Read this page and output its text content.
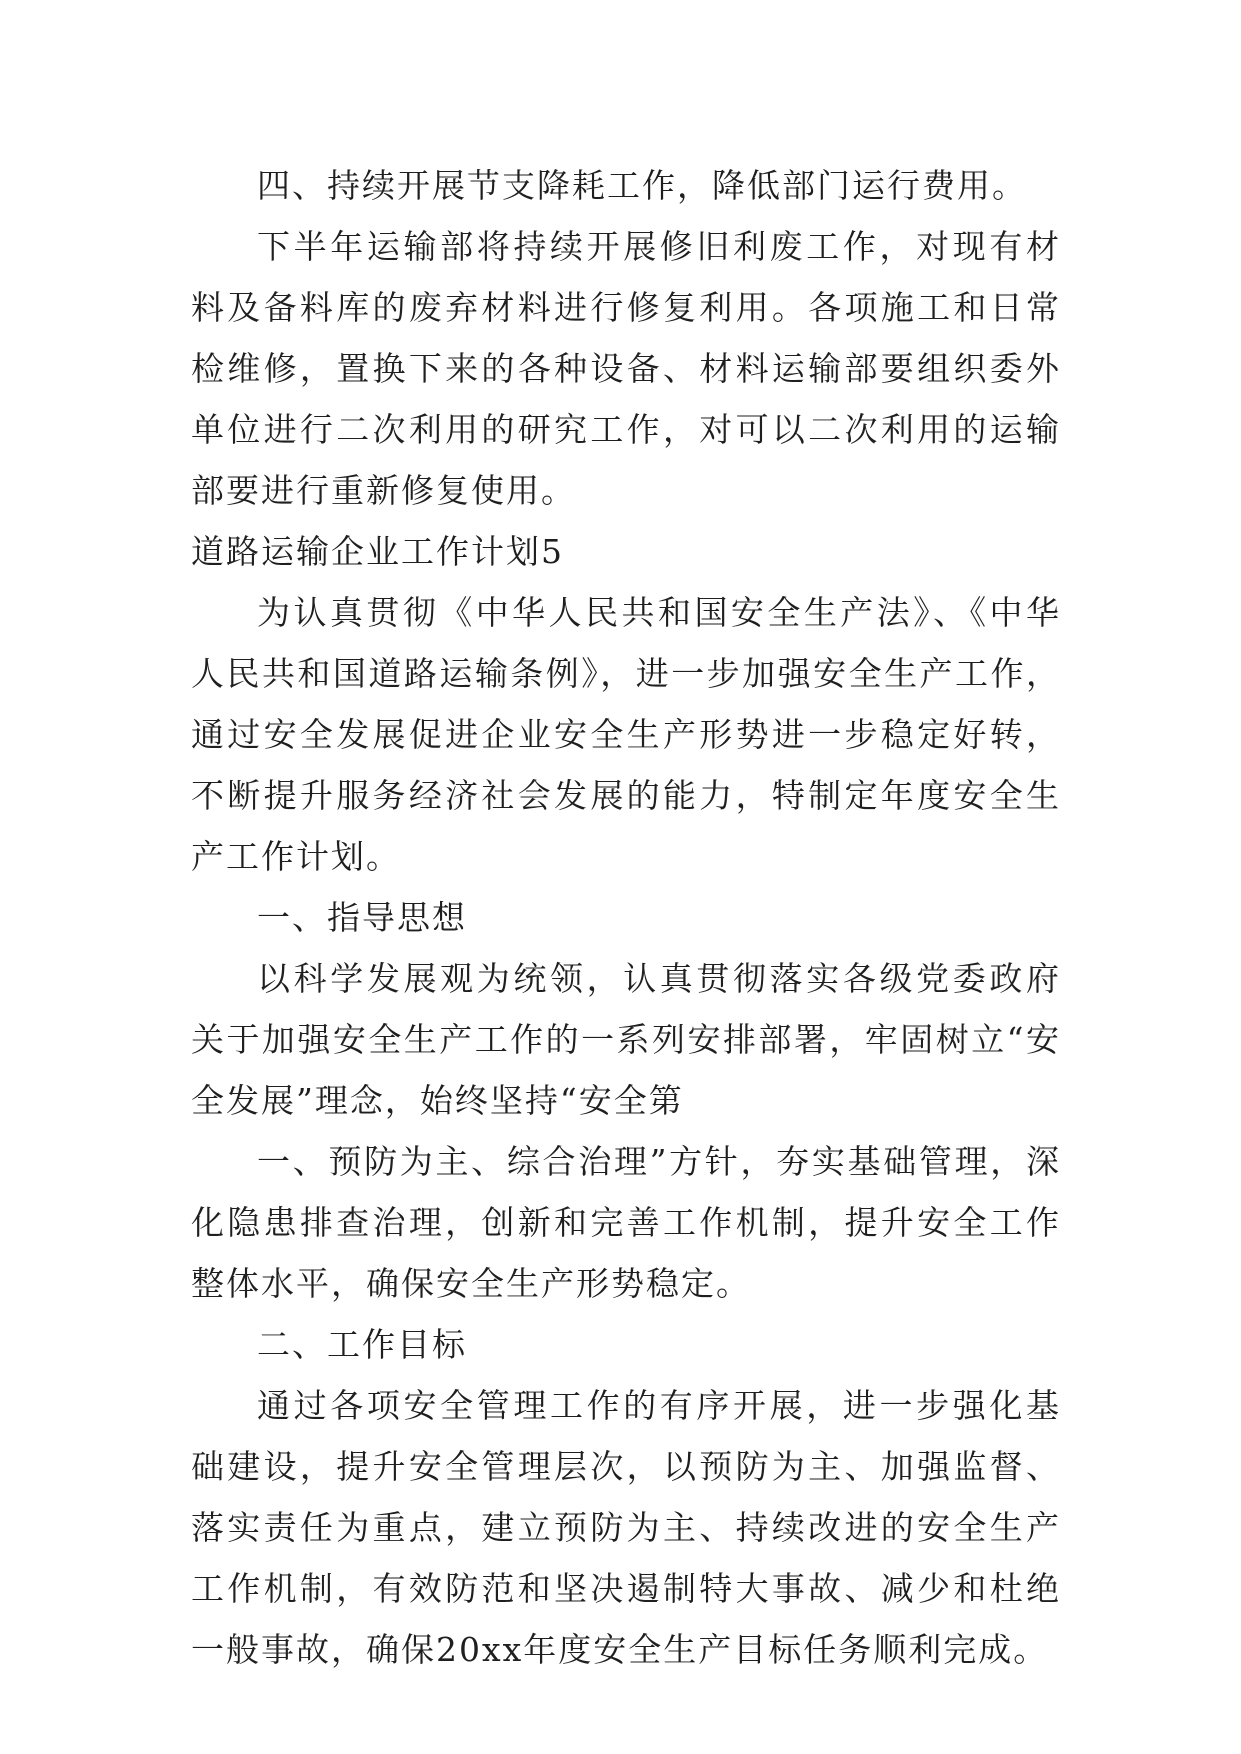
四、持续开展节支降耗工作，降低部门运行费用。

下半年运输部将持续开展修旧利废工作，对现有材料及备料库的废弃材料进行修复利用。各项施工和日常检维修，置换下来的各种设备、材料运输部要组织委外单位进行二次利用的研究工作，对可以二次利用的运输部要进行重新修复使用。

道路运输企业工作计划5

为认真贯彻《中华人民共和国安全生产法》、《中华人民共和国道路运输条例》，进一步加强安全生产工作，通过安全发展促进企业安全生产形势进一步稳定好转，不断提升服务经济社会发展的能力，特制定年度安全生产工作计划。

一、指导思想

以科学发展观为统领，认真贯彻落实各级党委政府关于加强安全生产工作的一系列安排部署，牢固树立“安全发展”理念，始终坚持“安全第

一、预防为主、综合治理”方针，夯实基础管理，深化隐患排查治理，创新和完善工作机制，提升安全工作整体水平，确保安全生产形势稳定。

二、工作目标

通过各项安全管理工作的有序开展，进一步强化基础建设，提升安全管理层次，以预防为主、加强监督、落实责任为重点，建立预防为主、持续改进的安全生产工作机制，有效防范和坚决遏制特大事故、减少和杜绝一般事故，确保20xx年度安全生产目标任务顺利完成。
